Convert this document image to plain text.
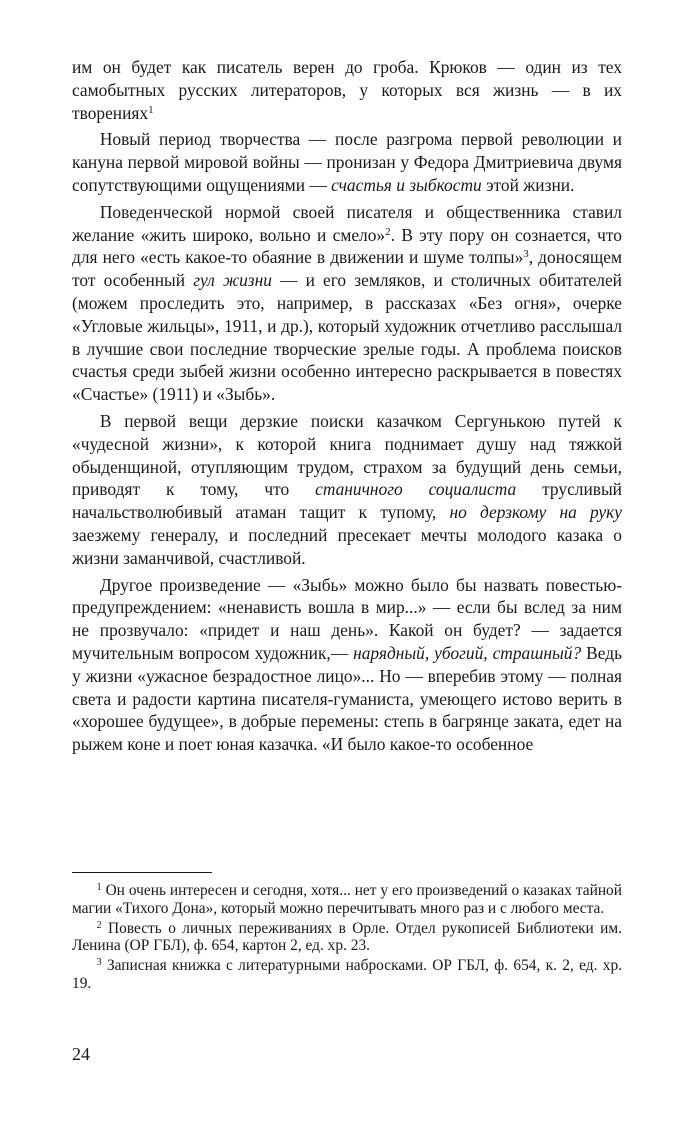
им он будет как писатель верен до гроба. Крюков — один из тех самобытных русских литераторов, у которых вся жизнь — в их творениях$^1$

Новый период творчества — после разгрома первой революции и кануна первой мировой войны — пронизан у Федора Дмитриевича двумя сопутствующими ощущениями — счастья и зыбкости этой жизни.

Поведенческой нормой своей писателя и общественника ставил желание «жить широко, вольно и смело»$^2$. В эту пору он сознается, что для него «есть какое-то обаяние в движении и шуме толпы»$^3$, доносящем тот особенный гул жизни — и его земляков, и столичных обитателей (можем проследить это, например, в рассказах «Без огня», очерке «Угловые жильцы», 1911, и др.), который художник отчетливо расслышал в лучшие свои последние творческие зрелые годы. А проблема поисков счастья среди зыбей жизни особенно интересно раскрывается в повестях «Счастье» (1911) и «Зыбь».

В первой вещи дерзкие поиски казачком Сергунькою путей к «чудесной жизни», к которой книга поднимает душу над тяжкой обыденщиной, отупляющим трудом, страхом за будущий день семьи, приводят к тому, что станичного социалиста трусливый начальстволюбивый атаман тащит к тупому, но дерзкому на руку заезжему генералу, и последний пресекает мечты молодого казака о жизни заманчивой, счастливой.

Другое произведение — «Зыбь» можно было бы назвать повестью-предупреждением: «ненависть вошла в мир...» — если бы вслед за ним не прозвучало: «придет и наш день». Какой он будет? — задается мучительным вопросом художник,— нарядный, убогий, страшный? Ведь у жизни «ужасное безрадостное лицо»... Но — вперебив этому — полная света и радости картина писателя-гуманиста, умеющего истово верить в «хорошее будущее», в добрые перемены: степь в багрянце заката, едет на рыжем коне и поет юная казачка. «И было какое-то особенное

$^1$ Он очень интересен и сегодня, хотя... нет у его произведений о казаках тайной магии «Тихого Дона», который можно перечитывать много раз и с любого места.

$^2$ Повесть о личных переживаниях в Орле. Отдел рукописей Библиотеки им. Ленина (ОР ГБЛ), ф. 654, картон 2, ед. хр. 23.

$^3$ Записная книжка с литературными набросками. ОР ГБЛ, ф. 654, к. 2, ед. хр. 19.

24
